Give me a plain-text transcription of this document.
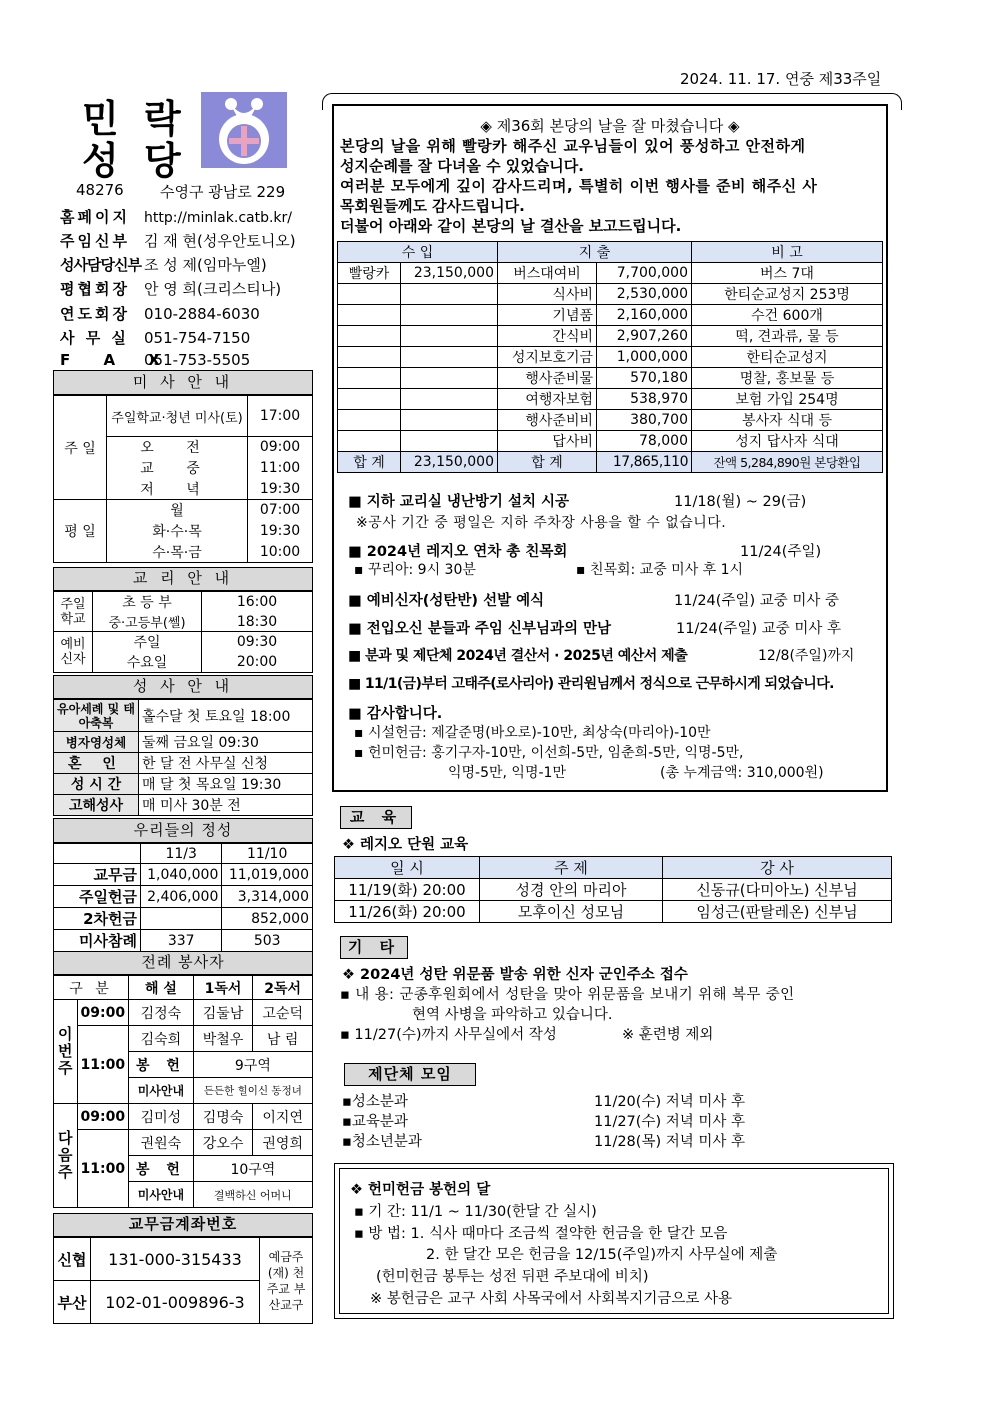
2024. 11. 17. 연중 제33주일
민 락
성 당
48276 수영구 광남로 229
홈페이지 http://minlak.catb.kr/
주임신부 김 재 현(성우안토니오)
성사담당신부 조 성 제(임마누엘)
평협회장 안 영 희(크리스티나)
연도회장 010-2884-6030
사 무 실 051-754-7150
F A X051-753-5505
미 사 안 내
주 일	주일학교·청년 미사(토)	17:00
	오 전	09:00
	교 중	11:00
	저 녁	19:30
평 일	월	07:00
	화·수·목	19:30
	수·목·금	10:00
교 리 안 내
주일학교	초 등 부	16:00
	중·고등부(쎌)	18:30
예비신자	주일	09:30
	수요일	20:00
성 사 안 내
유아세례 및 태아축복	홀수달 첫 토요일 18:00
병자영성체	둘째 금요일 09:30
혼 인	한 달 전 사무실 신청
성 시 간	매 달 첫 목요일 19:30
고해성사	매 미사 30분 전
우리들의 정성
	11/3	11/10
교무금	1,040,000	11,019,000
주일헌금	2,406,000	3,314,000
2차헌금		852,000
미사참례	337	503
전례 봉사자
구 분		해 설	1독서	2독서
이번주	09:00	김정숙	김둘남	고순덕
	11:00	김숙희	박철우	남 림
		봉 헌	9구역	
		미사안내	든든한 힐이신 동정녀	
다음주	09:00	김미성	김명숙	이지연
	11:00	권원숙	강오수	권영희
		봉 헌	10구역	
		미사안내	결백하신 어머니	
교무금계좌번호
신협	131-000-315433	예금주 (재) 천주교 부산교구
부산	102-01-009896-3	
◈ 제36회 본당의 날을 잘 마쳤습니다 ◈
본당의 날을 위해 빨랑카 해주신 교우님들이 있어 풍성하고 안전하게
성지순례를 잘 다녀올 수 있었습니다.
여러분 모두에게 깊이 감사드리며, 특별히 이번 행사를 준비 해주신 사
목회원들께도 감사드립니다.
더불어 아래와 같이 본당의 날 결산을 보고드립니다.
수 입		지 출		비 고
빨랑카	23,150,000	버스대여비	7,700,000	버스 7대
		식사비	2,530,000	한티순교성지 253명
		기념품	2,160,000	수건 600개
		간식비	2,907,260	떡, 견과류, 물 등
		성지보호기금	1,000,000	한티순교성지
		행사준비물	570,180	명찰, 홍보물 등
		여행자보험	538,970	보험 가입 254명
		행사준비비	380,700	봉사자 식대 등
		답사비	78,000	성지 답사자 식대
합 계	23,150,000	합 계	17,865,110	잔액 5,284,890원 본당환입
■ 지하 교리실 냉난방기 설치 시공	11/18(월) ~ 29(금)
※공사 기간 중 평일은 지하 주차장 사용을 할 수 없습니다.
■ 2024년 레지오 연차 총 친목회	11/24(주일)
▪ 꾸리아: 9시 30분	▪ 친목회: 교중 미사 후 1시
■ 예비신자(성탄반) 선발 예식	11/24(주일) 교중 미사 중
■ 전입오신 분들과 주임 신부님과의 만남	11/24(주일) 교중 미사 후
■ 분과 및 제단체 2024년 결산서 · 2025년 예산서 제출	12/8(주일)까지
■ 11/1(금)부터 고태주(로사리아) 관리원님께서 정식으로 근무하시게 되었습니다.
■ 감사합니다.
▪ 시설헌금: 제갈준명(바오로)-10만, 최상숙(마리아)-10만
▪ 헌미헌금: 홍기구자-10만, 이선희-5만, 임춘희-5만, 익명-5만,
익명-5만, 익명-1만	(총 누계금액: 310,000원)
교 육
❖ 레지오 단원 교육
일 시	주 제	강 사
11/19(화) 20:00	성경 안의 마리아	신동규(다미아노) 신부님
11/26(화) 20:00	모후이신 성모님	임성근(판탈레온) 신부님
기 타
❖ 2024년 성탄 위문품 발송 위한 신자 군인주소 접수
▪ 내 용: 군종후원회에서 성탄을 맞아 위문품을 보내기 위해 복무 중인
현역 사병을 파악하고 있습니다.
▪ 11/27(수)까지 사무실에서 작성	※ 훈련병 제외
제단체 모임
▪성소분과	11/20(수) 저녁 미사 후
▪교육분과	11/27(수) 저녁 미사 후
▪청소년분과	11/28(목) 저녁 미사 후
❖ 헌미헌금 봉헌의 달
▪ 기 간: 11/1 ~ 11/30(한달 간 실시)
▪ 방 법: 1. 식사 때마다 조금씩 절약한 헌금을 한 달간 모음
2. 한 달간 모은 헌금을 12/15(주일)까지 사무실에 제출
(헌미헌금 봉투는 성전 뒤편 주보대에 비치)
※ 봉헌금은 교구 사회 사목국에서 사회복지기금으로 사용
